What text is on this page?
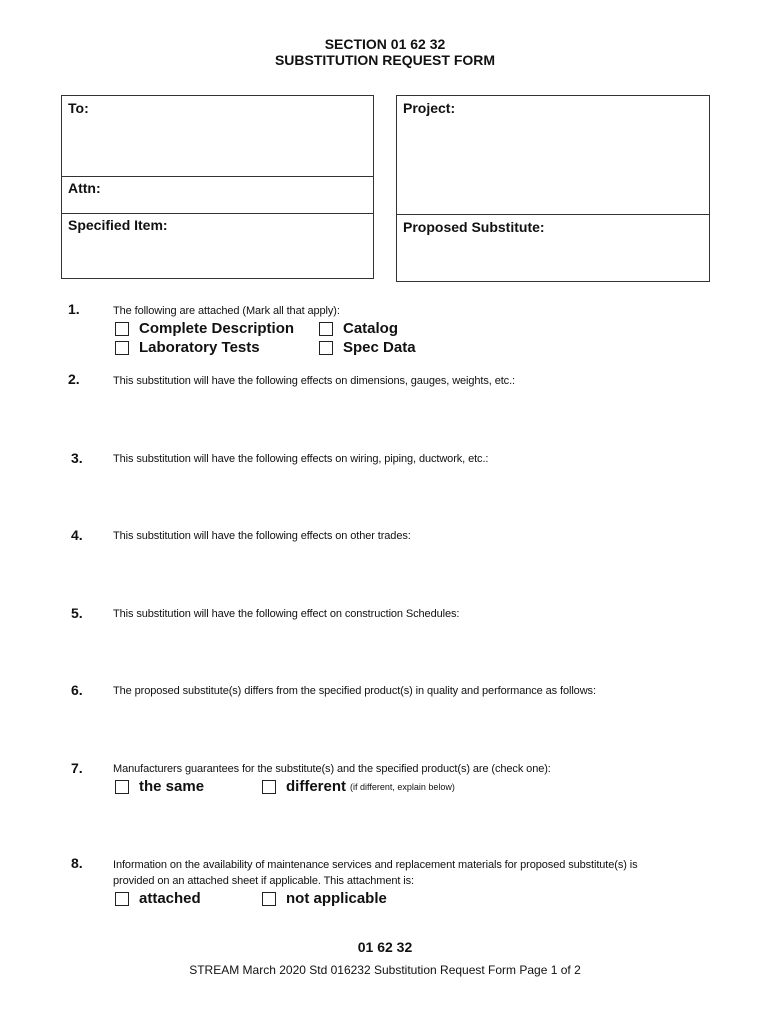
SECTION 01 62 32
SUBSTITUTION REQUEST FORM
To:
Attn:
Specified Item:
Project:
Proposed Substitute:
1.	The following are attached (Mark all that apply):
Complete Description
Laboratory Tests
Catalog
Spec Data
2.	This substitution will have the following effects on dimensions, gauges, weights, etc.:
3.	This substitution will have the following effects on wiring, piping, ductwork, etc.:
4.	This substitution will have the following effects on other trades:
5.	This substitution will have the following effect on construction Schedules:
6.	The proposed substitute(s) differs from the specified product(s) in quality and performance as follows:
7.	Manufacturers guarantees for the substitute(s) and the specified product(s) are (check one):
the same	different (if different, explain below)
8.	Information on the availability of maintenance services and replacement materials for proposed substitute(s) is
provided on an attached sheet if applicable. This attachment is:
attached	not applicable
01 62 32
STREAM March 2020 Std 016232 Substitution Request Form Page 1 of 2
